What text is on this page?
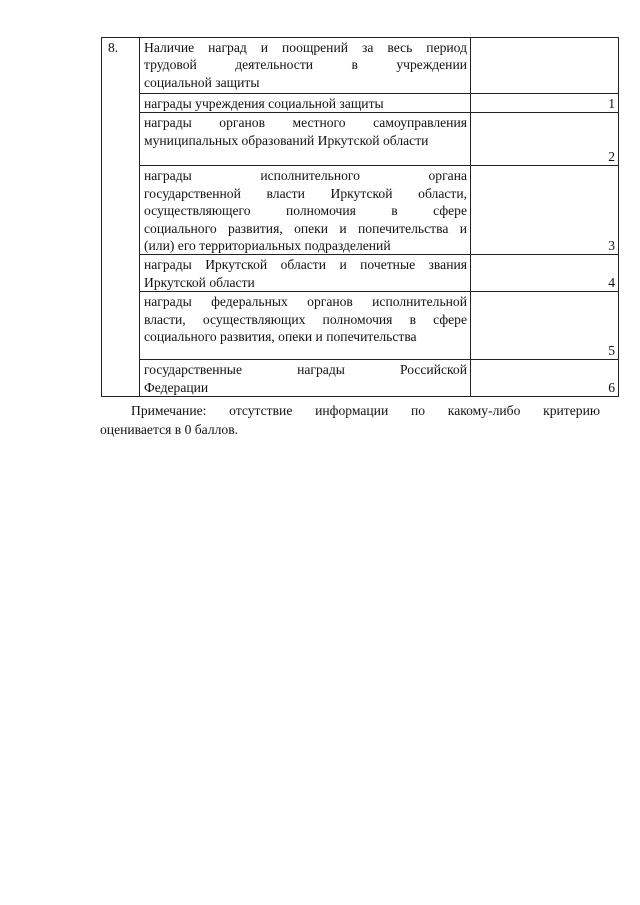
8.	Наличие наград и поощрений за весь период
трудовой деятельности в учреждении
социальной защиты	

	награды учреждения социальной защиты	1

	награды органов местного самоуправления
муниципальных образований Иркутской области	2

	награды исполнительного органа
государственной власти Иркутской области,
осуществляющего полномочия в сфере
социального развития, опеки и попечительства и
(или) его территориальных подразделений	3

	награды Иркутской области и почетные звания
Иркутской области	4

	награды федеральных органов исполнительной
власти, осуществляющих полномочия в сфере
социального развития, опеки и попечительства	5

	государственные награды Российской
Федерации	6
Примечание: отсутствие информации по какому-либо критерию
оценивается в 0 баллов.
